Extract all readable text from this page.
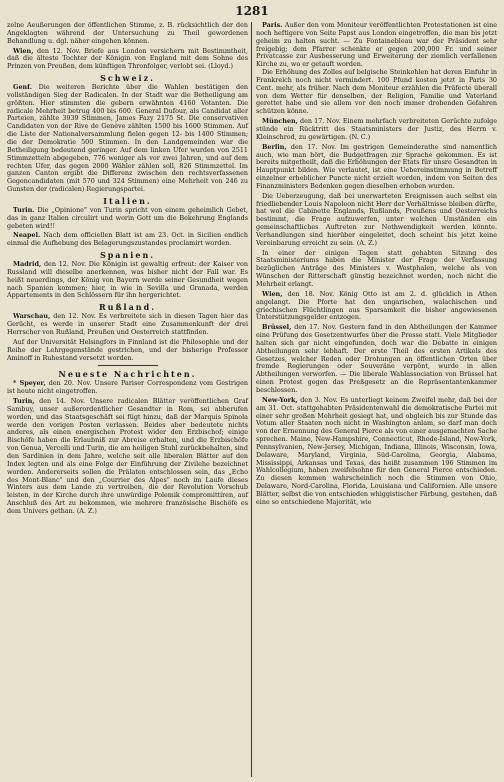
1281

zelne Aeußerungen der öffentlichen Stimme, z. B. rücksichtlich der den Angeklagten während der Untersuchung zu Theil gewordenen Behandlung u. dgl. näher eingehen können.

Wien, den 12. Nov. Briefe aus London versichern mit Bestimmtheit, daß die älteste Tochter der Königin von England mit dem Sohne des Prinzen von Preußen, dem künftigen Thronfolger, verlobt sei. (Lloyd.)

Schweiz.

Genf. Die weiteren Berichte über die Wahlen bestätigen den vollständigen Sieg der Radicalen. In der Stadt war die Betheiligung am größten. Hier stimmten die gebern erwähnten 4160 Votanten. Die radicale Mehrheit betrug 400 bis 600. General Dufour, als Candidat aller Parteien, zählte 3939 Stimmen, James Fazy 2175 St. Die conservativen Candidaten von der Rive de Genève zählten 1500 bis 1600 Stimmen. Auf die Liste der Nationalversammlung fielen gegen 12- bis 1400 Stimmen; die der Demokratie 500 Stimmen. In den Landgemeinden war die Betheiligung bedeutend geringer. Auf dem linken Ufer wurden von 2511 Stimmzetteln abgegeben, 776 weniger als vor zwei Jahren, und auf dem rechten Ufer, das gegen 2000 Wähler zählen soll, 826 Stimmzettel. Im ganzen Canton ergibt die Differenz zwischen den rechtsverfassenen Gegencandidaten (mit 570 und 324 Stimmen) eine Mehrheit von 246 zu Gunsten der (radicalen) Regierungspartei.

Italien.

Turin. Die „Opinione" von Turin spricht von einem geheimlich Gebet, das in ganz Italien circulirt und worin Gott um die Bekehrung Englands gebeten wird!!

Neapel. Nach dem officiellen Blatt ist am 23. Oct. in Sicilien endlich einmal die Aufhebung des Belagerungszustandes proclamirt worden.

Spanien.

Madrid, den 12. Nov. Die Königin ist gewaltig erfreut: der Kaiser von Russland will dieselbe anerkennen, was bisher nicht der Fall war. Es heißt neuerdings, der König von Bayern werde seiner Gesundheit wegen nach Spanien kommen; hier, in wie in Sevilla und Granada, werden Appartements in den Schlössern für ihn hergerichtet.

Rußland.

Warschau, den 12. Nov. Es verbreitete sich in diesen Tagen hier das Gerücht, es werde in unserer Stadt eine Zusammenkunft der drei Herrscher von Rußland, Preußen und Oesterreich stattfinden.

Auf der Universität Helsingfors in Finnland ist die Philosophie und der Reihe der Lehrgegenstände gestrichen, und der bisherige Professor Aminoff in Ruhestand versetzt worden.

Neueste Nachrichten.

* Speyer, den 20. Nov. Unsere Pariser Correspondenz vom Gestrigen ist heute nicht eingetroffen.

Turin, den 14. Nov. Unsere radicalen Blätter veröffentlichen Graf Sambuy, unser außerordentlicher Gesandter in Rom, sei abberufen worden, und das Staatsgeschäft sei fügt hinzu, daß der Marquis Spinola werde den vorigen Posten verlassen. Beides aber bedeutete nichts anderes, als einen energischen Protest wider den Erzbischof; einige Bischöfe haben die Erlaubniß zur Abreise erhalten, und die Erzbischöfe von Genua, Vercelli und Turin, die am heiligen Stuhl zurückbehalten, sind den Sardinien in dem Jahre, welche seit alle liberalen Blätter auf den Index legten und als eine Folge der Einführung der Zivilehe bezeichnet worden. Andererseits sollen die Prälaten entschlossen sein, das „Echo des Mont-Blanc" und den „Courrier des Alpes" noch im Laufe dieses Winters aus dem Lande zu vertreiben, die der Revolution Vorschub leisten, in der Kirche durch ihre unwürdige Polemik compromittiren, auf Anschluß des Art zu bekommen, wie mehrere französische Bischöfe es dem Univers gethan. (A. Z.)

Paris. Außer den vom Moniteur veröffentlichten Protestationen ist eine noch heftigere von Seite Papst aus London eingetroffen, die man bis jetzt geheim zu halten sucht. — Zu Fontainebleau war der Präsident sehr freigebig; dem Pfarrer schenkte er gegen 200,000 Fr. und seiner Privatcasse zur Ausbesserung und Erweiterung der ziemlich verfallenen Kirche zu, wo er getauft worden.

Die Erhöhung des Zolles auf belgische Steinkohlen hat deren Einfuhr in Frankreich noch nicht vermindert. 100 Pfund kosten jetzt in Paris 30 Cent. mehr, als früher. Nach dem Moniteur erzählen die Präfecte überall von dem Wetter für denselben, der Religion, Familie und Vaterland gerettet habe und sie allem vor den noch immer drohenden Gefahren schützen könne.

München, den 17. Nov. Einem mehrfach verbreiteten Gerüchte zufolge stünde ein Rücktritt des Staatsministers der Justiz, des Herrn v. Kleinschrod, zu gewärtigen. (N. C.)

Berlin, den 17. Nov. Im gestrigen Gemeinderathe sind namentlich auch, wie man hört, die Budgetfragen zur Sprache gekommen. Es ist bereits mitgetheilt, daß die Erhöhungen der Etats für unsre Gesandten in Hauptpunkt bilden. Wie verlautet, ist eine Uebereinstimmung in Betreff einzelner erheblicher Puncte nicht erzielt worden, indem von Seiten des Finanzministers Bedenken gegen dieselben erhoben wurden.

Die Ueberzeugung, daß bei unerwarteten Ereignissen auch selbst ein friedliebender Louis Napoleon nicht Herr der Verhältnisse bleiben dürfte, hat wol die Cabinette Englands, Rußlands, Preußens und Oesterreichs bestimmt, die Frage aufzuwerfen, unter welchen Umständen ein gemeinschaftliches Auftreten zur Nothwendigkeit werden könnte. Verhandlungen sind hierüber eingeleitet, doch scheint bis jetzt keine Vereinbarung erreicht zu sein. (A. Z.)

In einer der einigen Tagen statt gehabten Sitzung des Staatsministeriums haben die Minister der Frage der Verfassung bezüglichen Anträge des Ministers v. Westphalen, welche als von Wünschen der Ritterschaft günstig bezeichnet werden, noch nicht die Mehrheit erlangt.

Wien, den 18. Nov. König Otto ist am 2. d. glücklich in Athen angelangt. Die Pforte hat den ungarischen, walachischen und griechischen Flüchtlingen aus Sparsamkeit die bisher angewiesenen Unterstützungsgelder entzogen.

Brüssel, den 17. Nov. Gestern fand in den Abtheilungen der Kammer eine Prüfung des Gesetzentwurfes über die Presse statt. Viele Mitglieder halten sich gar nicht eingefunden, doch war die Debatte in einigen Abtheilungen sehr lebhaft. Der erste Theil des ersten Artikels des Gesetzes, welcher Reden oder Drohungen an öffentlichen Orten über fremde Regierungen oder Souveräne verpönt, wurde in allen Abtheilungen verworfen. — Die liberale Wahlassociation von Brüssel hat einen Protest gegen das Preßgesetz an die Repräsentantenkammer beschlossen.

New-York, den 3. Nov. Es unterliegt keinem Zweifel mehr, daß bei der am 31. Oct. stattgehabten Präsidentenwahl die demokratische Partei mit einer sehr großen Mehrheit gesiegt hat, und obgleich bis zur Stunde das Votum aller Staaten noch nicht in Washington anlam, so darf man doch von der Ernennung des General Pierce als von einer ausgemachten Sache sprechen. Maine, New-Hampshire, Connecticut, Rhode-Island, New-York, Pennsylvanien, New-Jersey, Michigan, Indiana, Illinois, Wisconsin, Iowa, Delaware, Maryland, Virginia, Süd-Carolina, Georgia, Alabama, Mississippi, Arkansas und Texas, das heißt zusammen 196 Stimmen im Wahlcollegium, haben zweifelsohne für den General Pierce entschieden. Zu diesen kommen wahrscheinlich noch die Stimmen von Ohio, Delaware, Nord-Carolina, Florida, Louisiana und Californien. Alle unsere Blätter, selbst die von entschieden whiggistischer Färbung, gestehen, daß eine so entschiedene Majorität, wie
